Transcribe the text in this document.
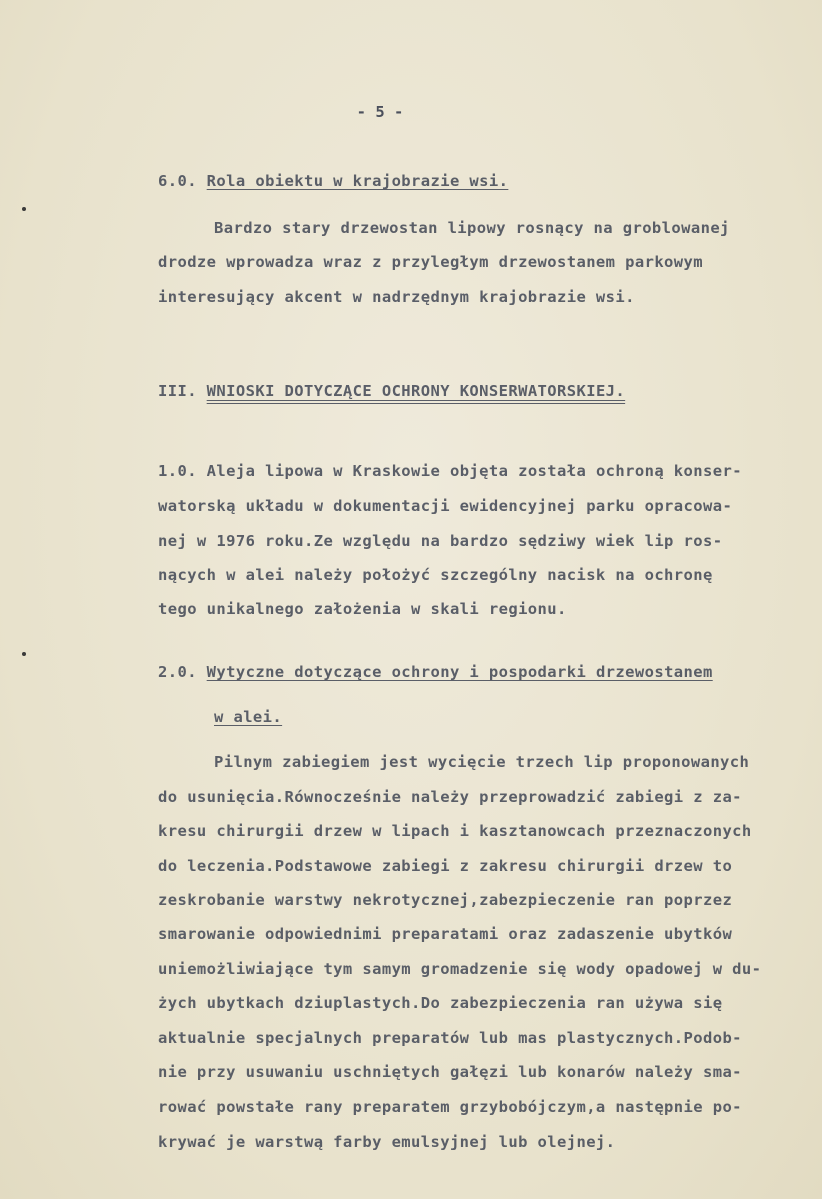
- 5 -
6.0. Rola obiektu w krajobrazie wsi.
Bardzo stary drzewostan lipowy rosnący na groblowanej
drodze wprowadza wraz z przyległym drzewostanem parkowym
interesujący akcent w nadrzędnym krajobrazie wsi.
III. WNIOSKI DOTYCZĄCE OCHRONY KONSERWATORSKIEJ.
1.0. Aleja lipowa w Kraskowie objęta została ochroną konser-
watorską układu w dokumentacji ewidencyjnej parku opracowa-
nej w 1976 roku.Ze względu na bardzo sędziwy wiek lip ros-
nących w alei należy położyć szczególny nacisk na ochronę
tego unikalnego założenia w skali regionu.
2.0. Wytyczne dotyczące ochrony i pospodarki drzewostanem
w alei.
Pilnym zabiegiem jest wycięcie trzech lip proponowanych
do usunięcia.Równocześnie należy przeprowadzić zabiegi z za-
kresu chirurgii drzew w lipach i kasztanowcach przeznaczonych
do leczenia.Podstawowe zabiegi z zakresu chirurgii drzew to
zeskrobanie warstwy nekrotycznej,zabezpieczenie ran poprzez
smarowanie odpowiednimi preparatami oraz zadaszenie ubytków
uniemożliwiające tym samym gromadzenie się wody opadowej w du-
żych ubytkach dziuplastych.Do zabezpieczenia ran używa się
aktualnie specjalnych preparatów lub mas plastycznych.Podob-
nie przy usuwaniu uschniętych gałęzi lub konarów należy sma-
rować powstałe rany preparatem grzybobójczym,a następnie po-
krywać je warstwą farby emulsyjnej lub olejnej.
